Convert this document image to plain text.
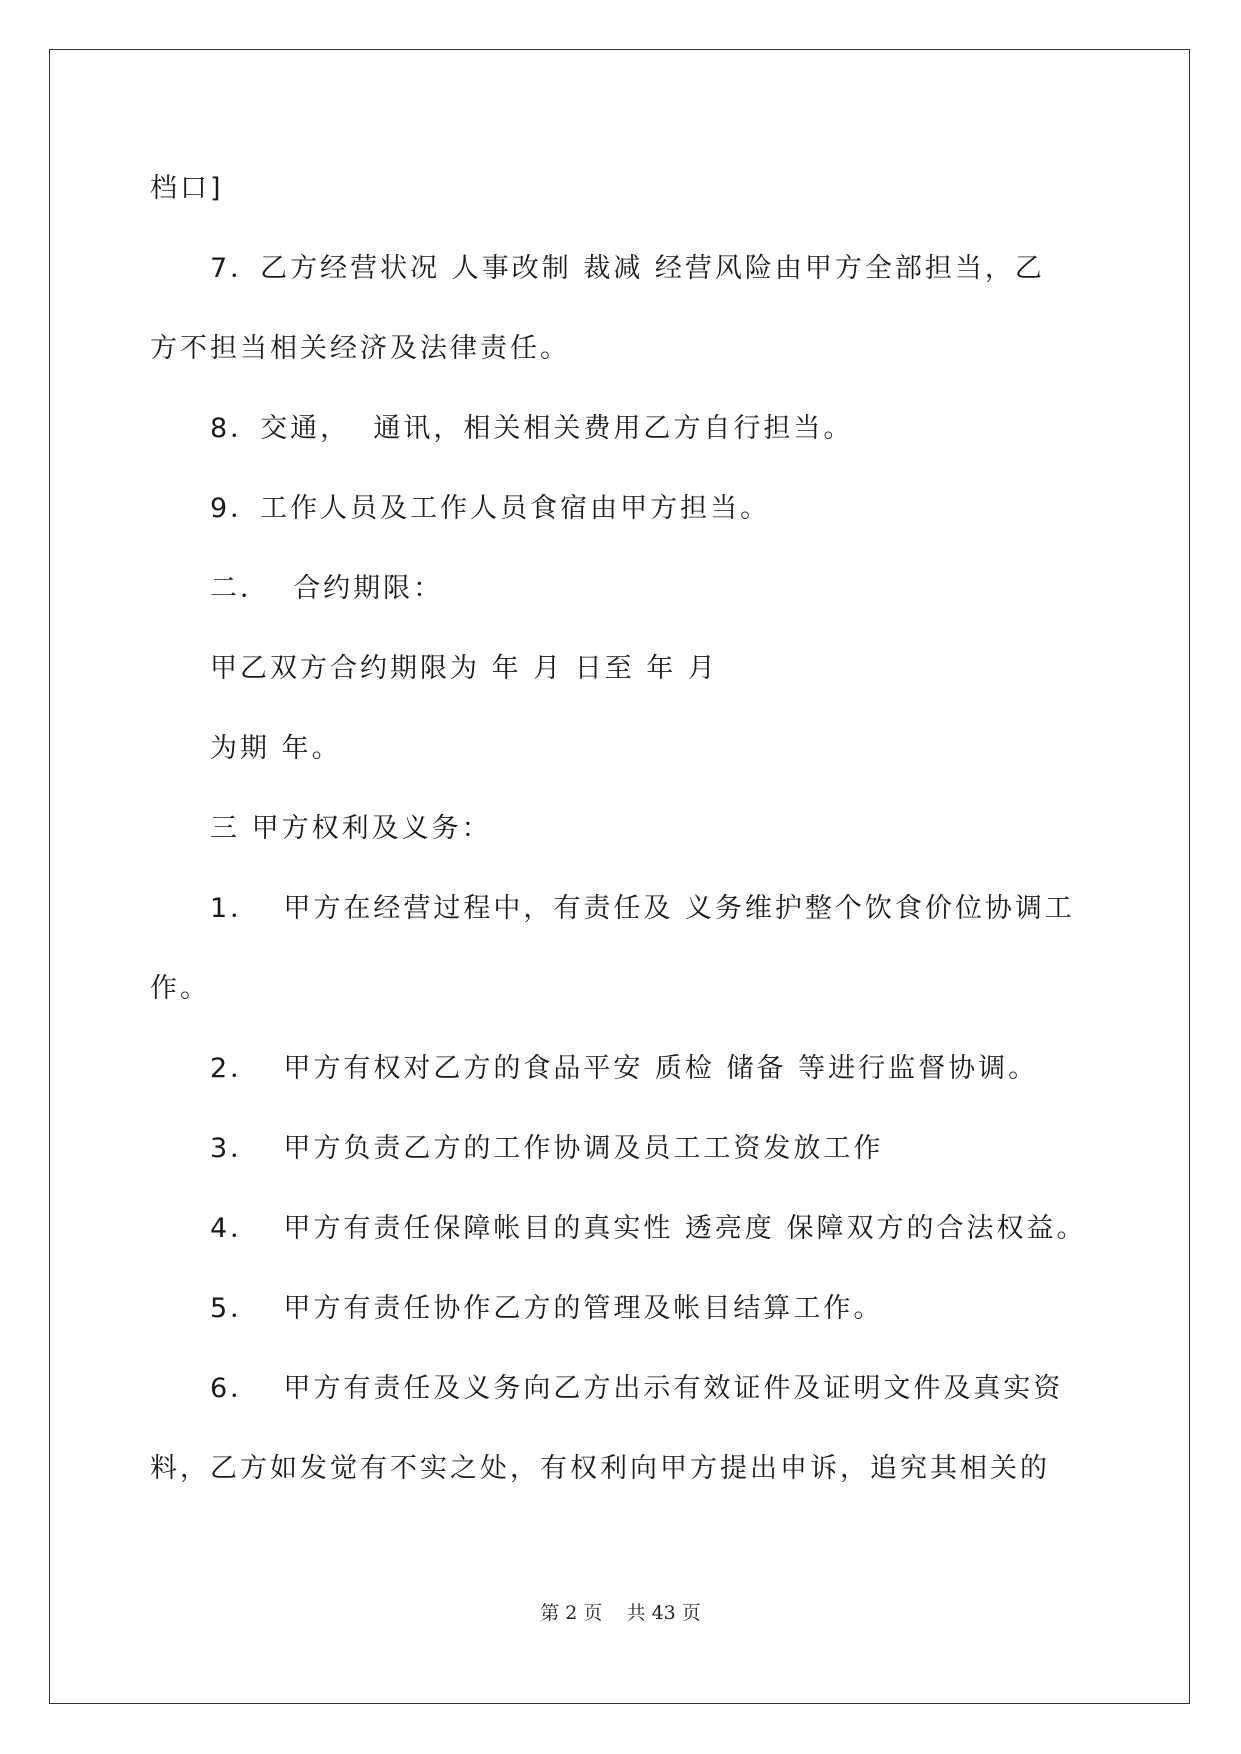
档口]
7．乙方经营状况 人事改制 裁减 经营风险由甲方全部担当，乙
方不担当相关经济及法律责任。
8．交通，  通讯，相关相关费用乙方自行担当。
9．工作人员及工作人员食宿由甲方担当。
二．  合约期限：
甲乙双方合约期限为 年 月 日至 年 月
为期 年。
三 甲方权利及义务：
1．  甲方在经营过程中，有责任及 义务维护整个饮食价位协调工
作。
2．  甲方有权对乙方的食品平安 质检 储备 等进行监督协调。
3．  甲方负责乙方的工作协调及员工工资发放工作
4．  甲方有责任保障帐目的真实性 透亮度 保障双方的合法权益。
5．  甲方有责任协作乙方的管理及帐目结算工作。
6．  甲方有责任及义务向乙方出示有效证件及证明文件及真实资
料，乙方如发觉有不实之处，有权利向甲方提出申诉，追究其相关的
第 2 页    共 43 页
